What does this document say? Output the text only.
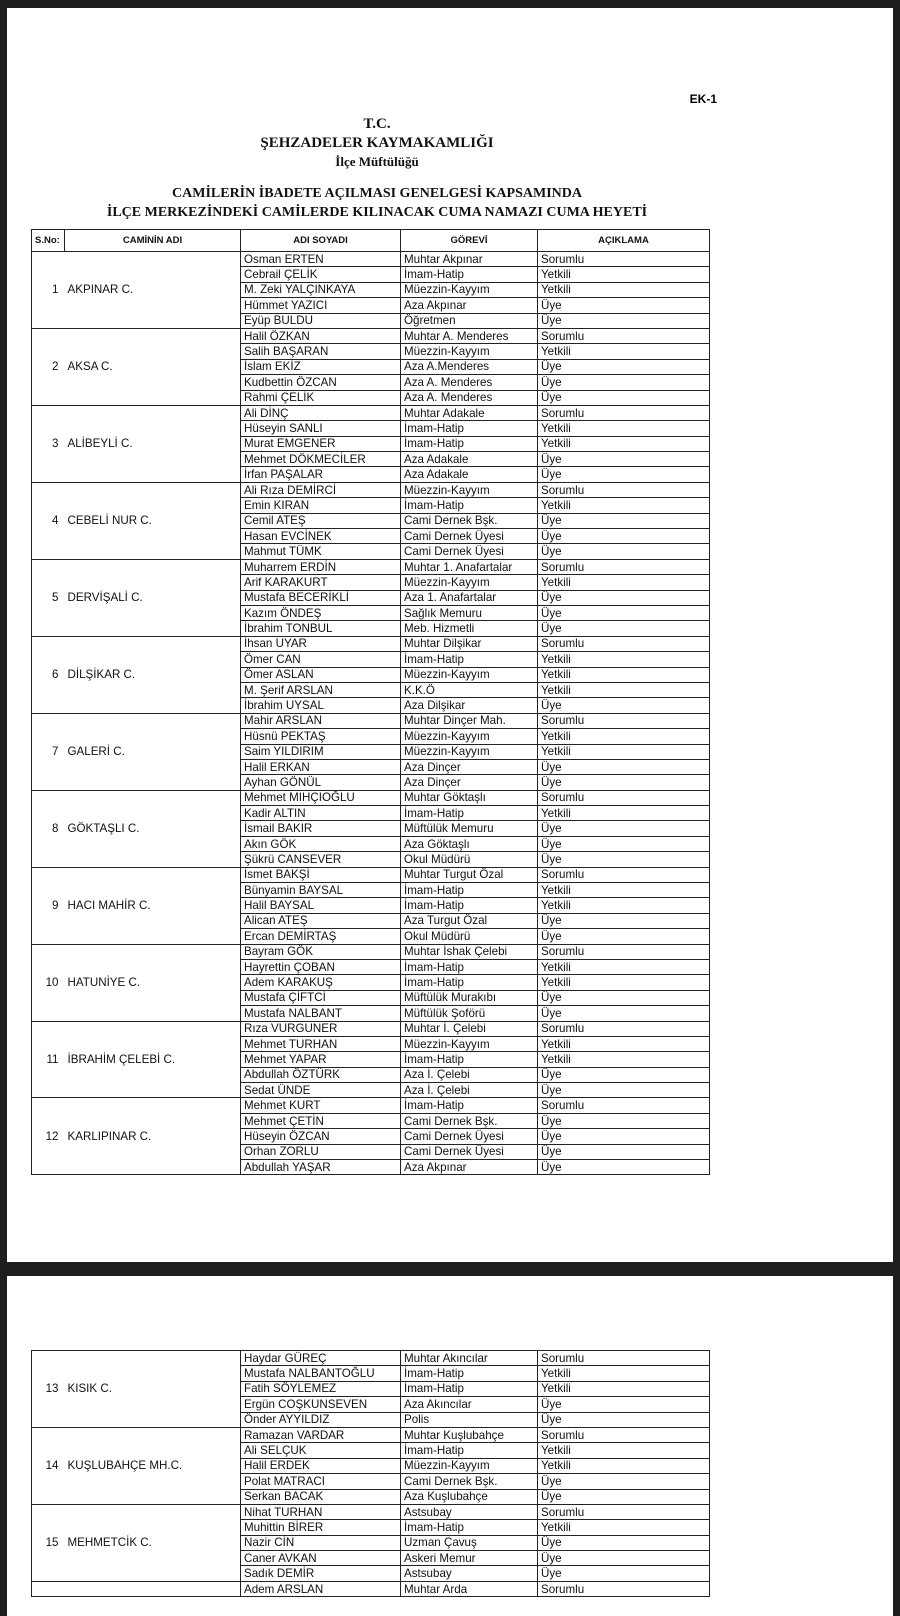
EK-1
T.C.
ŞEHZADELER KAYMAKAMLIĞI
İlçe Müftülüğü
CAMİLERİN İBADETE AÇILMASI GENELGESİ KAPSAMINDA
İLÇE MERKEZİNDEKİ CAMİLERDE KILINACAK CUMA NAMAZI CUMA HEYETİ
S.No:	CAMİNİN ADI	ADI SOYADI	GÖREVİ	AÇIKLAMA
1	AKPINAR C.	Osman ERTEN	Muhtar Akpınar	Sorumlu
		Cebrail ÇELİK	İmam-Hatip	Yetkili
		M. Zeki YALÇINKAYA	Müezzin-Kayyım	Yetkili
		Hümmet YAZICI	Aza Akpınar	Üye
		Eyüp BULDU	Öğretmen	Üye
2	AKSA C.	Halil ÖZKAN	Muhtar A. Menderes	Sorumlu
		Salih BAŞARAN	Müezzin-Kayyım	Yetkili
		İslam EKİZ	Aza A.Menderes	Üye
		Kudbettin ÖZCAN	Aza A. Menderes	Üye
		Rahmi ÇELİK	Aza A. Menderes	Üye
3	ALİBEYLİ C.	Ali DİNÇ	Muhtar Adakale	Sorumlu
		Hüseyin SANLI	İmam-Hatip	Yetkili
		Murat EMGENER	İmam-Hatip	Yetkili
		Mehmet DÖKMECİLER	Aza Adakale	Üye
		İrfan PAŞALAR	Aza Adakale	Üye
4	CEBELİ NUR C.	Ali Rıza DEMİRCİ	Müezzin-Kayyım	Sorumlu
		Emin KIRAN	İmam-Hatip	Yetkili
		Cemil ATEŞ	Cami Dernek Bşk.	Üye
		Hasan EVCİNEK	Cami Dernek Üyesi	Üye
		Mahmut TÜMK	Cami Dernek Üyesi	Üye
5	DERVİŞALİ C.	Muharrem ERDİN	Muhtar 1. Anafartalar	Sorumlu
		Arif KARAKURT	Müezzin-Kayyım	Yetkili
		Mustafa BECERİKLİ	Aza 1. Anafartalar	Üye
		Kazım ÖNDEŞ	Sağlık Memuru	Üye
		İbrahim TONBUL	Meb. Hizmetli	Üye
6	DİLŞİKAR C.	İhsan UYAR	Muhtar Dilşikar	Sorumlu
		Ömer CAN	İmam-Hatip	Yetkili
		Ömer ASLAN	Müezzin-Kayyım	Yetkili
		M. Şerif ARSLAN	K.K.Ö	Yetkili
		İbrahim UYSAL	Aza Dilşikar	Üye
7	GALERİ C.	Mahir ARSLAN	Muhtar Dinçer Mah.	Sorumlu
		Hüsnü PEKTAŞ	Müezzin-Kayyım	Yetkili
		Saim YILDIRIM	Müezzin-Kayyım	Yetkili
		Halil ERKAN	Aza Dinçer	Üye
		Ayhan GÖNÜL	Aza Dinçer	Üye
8	GÖKTAŞLI C.	Mehmet MIHÇIOĞLU	Muhtar Göktaşlı	Sorumlu
		Kadir ALTIN	İmam-Hatip	Yetkili
		İsmail BAKIR	Müftülük Memuru	Üye
		Akın GÖK	Aza Göktaşlı	Üye
		Şükrü CANSEVER	Okul Müdürü	Üye
9	HACI MAHİR C.	İsmet BAKŞİ	Muhtar Turgut Özal	Sorumlu
		Bünyamin BAYSAL	İmam-Hatip	Yetkili
		Halil BAYSAL	İmam-Hatip	Yetkili
		Alican ATEŞ	Aza Turgut Özal	Üye
		Ercan DEMİRTAŞ	Okul Müdürü	Üye
10	HATUNİYE C.	Bayram GÖK	Muhtar İshak Çelebi	Sorumlu
		Hayrettin ÇOBAN	İmam-Hatip	Yetkili
		Adem KARAKUŞ	İmam-Hatip	Yetkili
		Mustafa ÇİFTCİ	Müftülük Murakıbı	Üye
		Mustafa NALBANT	Müftülük Şoförü	Üye
11	İBRAHİM ÇELEBİ C.	Rıza VURGUNER	Muhtar İ. Çelebi	Sorumlu
		Mehmet TURHAN	Müezzin-Kayyım	Yetkili
		Mehmet YAPAR	İmam-Hatip	Yetkili
		Abdullah ÖZTÜRK	Aza İ. Çelebi	Üye
		Sedat ÜNDE	Aza İ. Çelebi	Üye
12	KARLIPINAR C.	Mehmet KURT	İmam-Hatip	Sorumlu
		Mehmet ÇETİN	Cami Dernek Bşk.	Üye
		Hüseyin ÖZCAN	Cami Dernek Üyesi	Üye
		Orhan ZORLU	Cami Dernek Üyesi	Üye
		Abdullah YAŞAR	Aza Akpınar	Üye
13	KISIK C.	Haydar GÜREÇ	Muhtar Akıncılar	Sorumlu
		Mustafa NALBANTOĞLU	İmam-Hatip	Yetkili
		Fatih SÖYLEMEZ	İmam-Hatip	Yetkili
		Ergün COŞKUNSEVEN	Aza Akıncılar	Üye
		Önder AYYILDIZ	Polis	Üye
14	KUŞLUBAHÇE MH.C.	Ramazan VARDAR	Muhtar Kuşlubahçe	Sorumlu
		Ali SELÇUK	İmam-Hatip	Yetkili
		Halil ERDEK	Müezzin-Kayyım	Yetkili
		Polat MATRACI	Cami Dernek Bşk.	Üye
		Serkan BACAK	Aza Kuşlubahçe	Üye
15	MEHMETCİK C.	Nihat TURHAN	Astsubay	Sorumlu
		Muhittin BİRER	İmam-Hatip	Yetkili
		Nazir CİN	Uzman Çavuş	Üye
		Caner AVKAN	Askeri Memur	Üye
		Sadık DEMİR	Astsubay	Üye
		Adem ARSLAN	Muhtar Arda	Sorumlu
